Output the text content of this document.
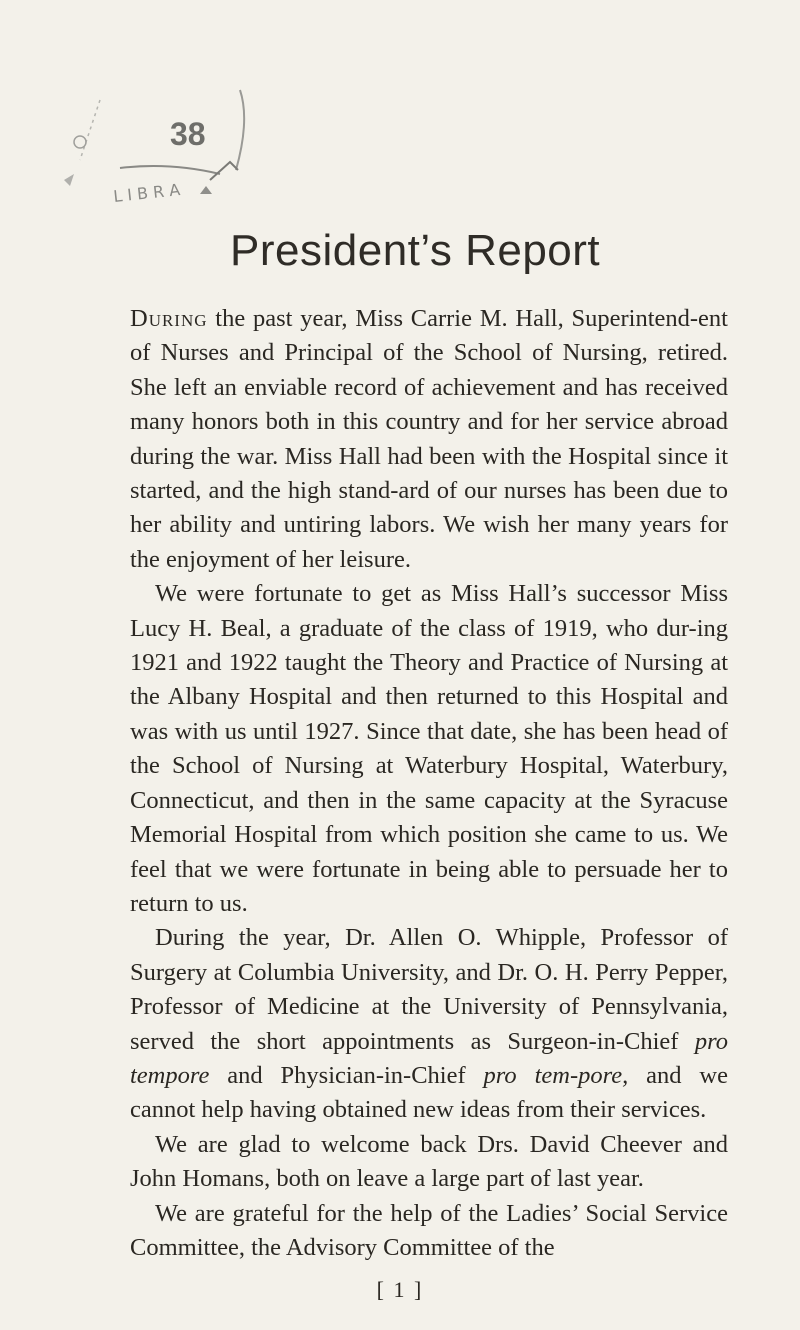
L I B R A
38
President’s Report

During the past year, Miss Carrie M. Hall, Superintend-ent of Nurses and Principal of the School of Nursing, retired. She left an enviable record of achievement and has received many honors both in this country and for her service abroad during the war. Miss Hall had been with the Hospital since it started, and the high stand-ard of our nurses has been due to her ability and untiring labors. We wish her many years for the enjoyment of her leisure.

We were fortunate to get as Miss Hall’s successor Miss Lucy H. Beal, a graduate of the class of 1919, who dur-ing 1921 and 1922 taught the Theory and Practice of Nursing at the Albany Hospital and then returned to this Hospital and was with us until 1927. Since that date, she has been head of the School of Nursing at Waterbury Hospital, Waterbury, Connecticut, and then in the same capacity at the Syracuse Memorial Hospital from which position she came to us. We feel that we were fortunate in being able to persuade her to return to us.

During the year, Dr. Allen O. Whipple, Professor of Surgery at Columbia University, and Dr. O. H. Perry Pepper, Professor of Medicine at the University of Pennsylvania, served the short appointments as Surgeon-in-Chief pro tempore and Physician-in-Chief pro tem-pore, and we cannot help having obtained new ideas from their services.

We are glad to welcome back Drs. David Cheever and John Homans, both on leave a large part of last year.

We are grateful for the help of the Ladies’ Social Service Committee, the Advisory Committee of the

[ 1 ]
